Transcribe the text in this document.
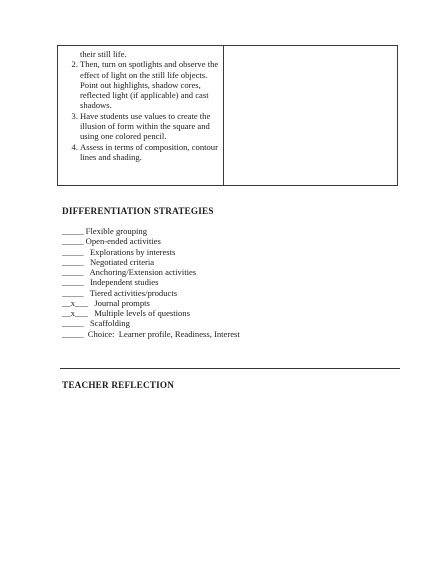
their still life.
2. Then, turn on spotlights and observe the effect of light on the still life objects. Point out highlights, shadow cores, reflected light (if applicable) and cast shadows.
3. Have students use values to create the illusion of form within the square and using one colored pencil.
4. Assess in terms of composition, contour lines and shading.
DIFFERENTIATION STRATEGIES
_____ Flexible grouping
_____ Open-ended activities
_____ Explorations by interests
_____ Negotiated criteria
_____ Anchoring/Extension activities
_____ Independent studies
_____ Tiered activities/products
__x___ Journal prompts
__x___ Multiple levels of questions
_____ Scaffolding
_____ Choice:  Learner profile, Readiness, Interest
TEACHER REFLECTION
